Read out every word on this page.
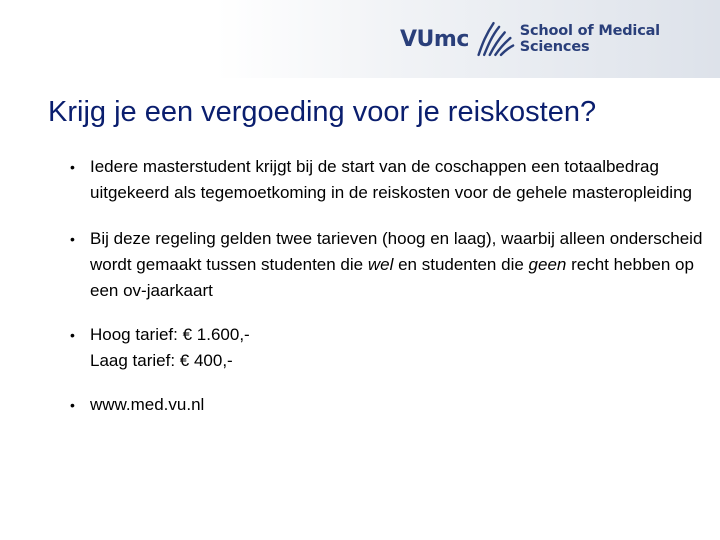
VUmc	School of Medical Sciences
Krijg je een vergoeding voor je reiskosten?
• Iedere masterstudent krijgt bij de start van de coschappen een totaalbedrag uitgekeerd als tegemoetkoming in de reiskosten voor de gehele masteropleiding
• Bij deze regeling gelden twee tarieven (hoog en laag), waarbij alleen onderscheid wordt gemaakt tussen studenten die wel en studenten die geen recht hebben op een ov-jaarkaart
• Hoog tarief: € 1.600,-
Laag tarief: € 400,-
• www.med.vu.nl
